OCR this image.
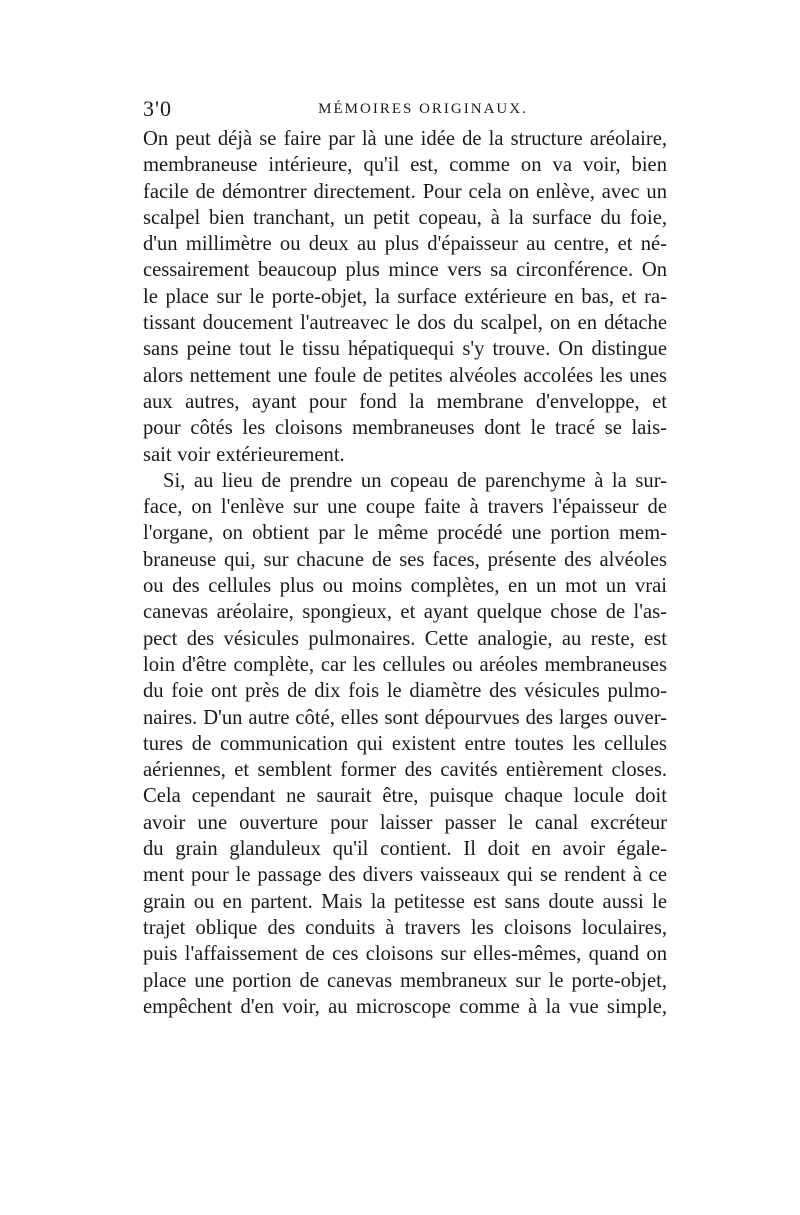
3'0	MÉMOIRES ORIGINAUX.
On peut déjà se faire par là une idée de la structure aréolaire,
membraneuse intérieure, qu'il est, comme on va voir, bien
facile de démontrer directement. Pour cela on enlève, avec un
scalpel bien tranchant, un petit copeau, à la surface du foie,
d'un millimètre ou deux au plus d'épaisseur au centre, et né-
cessairement beaucoup plus mince vers sa circonférence. On
le place sur le porte-objet, la surface extérieure en bas, et ra-
tissant doucement l'autreavec le dos du scalpel, on en détache
sans peine tout le tissu hépatiquequi s'y trouve. On distingue
alors nettement une foule de petites alvéoles accolées les unes
aux autres, ayant pour fond la membrane d'enveloppe, et
pour côtés les cloisons membraneuses dont le tracé se lais-
sait voir extérieurement.
Si, au lieu de prendre un copeau de parenchyme à la sur-
face, on l'enlève sur une coupe faite à travers l'épaisseur de
l'organe, on obtient par le même procédé une portion mem-
braneuse qui, sur chacune de ses faces, présente des alvéoles
ou des cellules plus ou moins complètes, en un mot un vrai
canevas aréolaire, spongieux, et ayant quelque chose de l'as-
pect des vésicules pulmonaires. Cette analogie, au reste, est
loin d'être complète, car les cellules ou aréoles membraneuses
du foie ont près de dix fois le diamètre des vésicules pulmo-
naires. D'un autre côté, elles sont dépourvues des larges ouver-
tures de communication qui existent entre toutes les cellules
aériennes, et semblent former des cavités entièrement closes.
Cela cependant ne saurait être, puisque chaque locule doit
avoir une ouverture pour laisser passer le canal excréteur
du grain glanduleux qu'il contient. Il doit en avoir égale-
ment pour le passage des divers vaisseaux qui se rendent à ce
grain ou en partent. Mais la petitesse est sans doute aussi le
trajet oblique des conduits à travers les cloisons loculaires,
puis l'affaissement de ces cloisons sur elles-mêmes, quand on
place une portion de canevas membraneux sur le porte-objet,
empêchent d'en voir, au microscope comme à la vue simple,
